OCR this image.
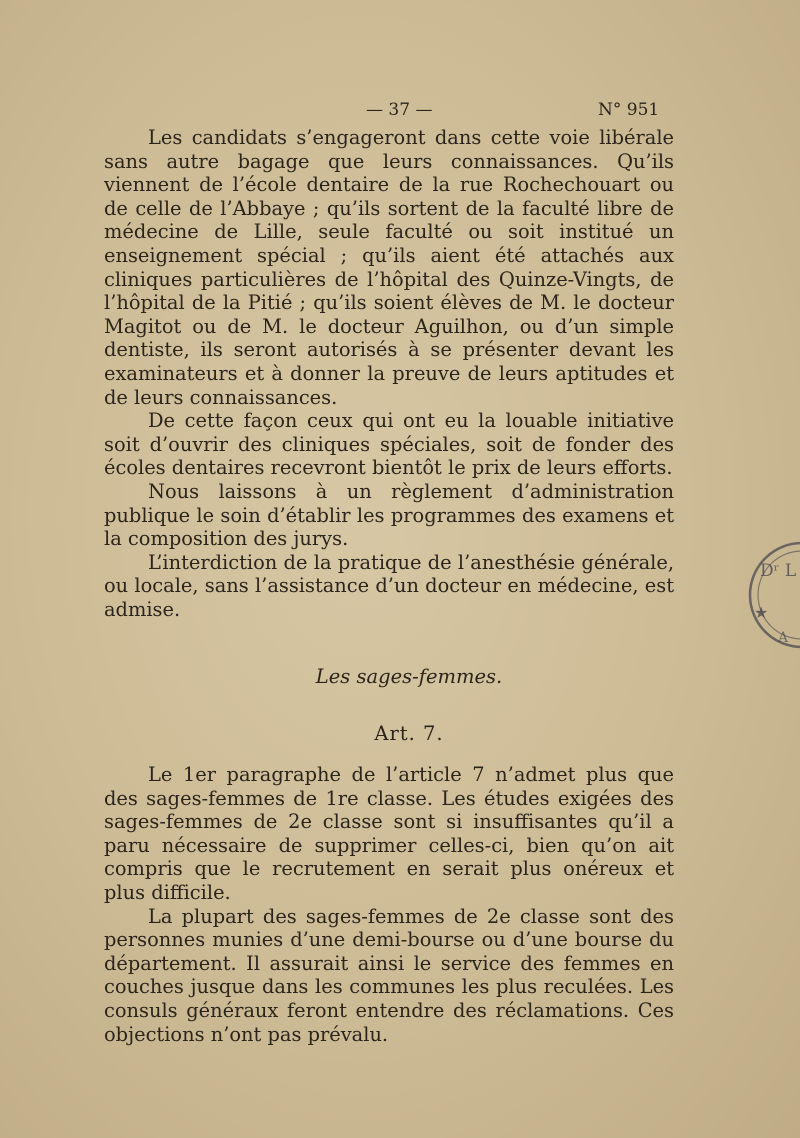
— 37 —	N° 951

Les candidats s’engageront dans cette voie libérale sans autre bagage que leurs connaissances. Qu’ils viennent de l’école dentaire de la rue Rochechouart ou de celle de l’Abbaye ; qu’ils sortent de la faculté libre de médecine de Lille, seule faculté ou soit institué un enseignement spécial ; qu’ils aient été attachés aux cliniques particulières de l’hôpital des Quinze-Vingts, de l’hôpital de la Pitié ; qu’ils soient élèves de M. le docteur Magitot ou de M. le docteur Aguilhon, ou d’un simple dentiste, ils seront autorisés à se présenter devant les examinateurs et à donner la preuve de leurs aptitudes et de leurs connaissances.

De cette façon ceux qui ont eu la louable initiative soit d’ouvrir des cliniques spéciales, soit de fonder des écoles dentaires recevront bientôt le prix de leurs efforts.

Nous laissons à un règlement d’administration publique le soin d’établir les programmes des examens et la composition des jurys.

L’interdiction de la pratique de l’anesthésie générale, ou locale, sans l’assistance d’un docteur en médecine, est admise.

Les sages-femmes.
Art. 7.

Le 1er paragraphe de l’article 7 n’admet plus que des sages-femmes de 1re classe. Les études exigées des sages-femmes de 2e classe sont si insuffisantes qu’il a paru nécessaire de supprimer celles-ci, bien qu’on ait compris que le recrutement en serait plus onéreux et plus difficile.

La plupart des sages-femmes de 2e classe sont des personnes munies d’une demi-bourse ou d’une bourse du département. Il assurait ainsi le service des femmes en couches jusque dans les communes les plus reculées. Les consuls généraux feront entendre des réclamations. Ces objections n’ont pas prévalu.

Dʳ L
★
A
